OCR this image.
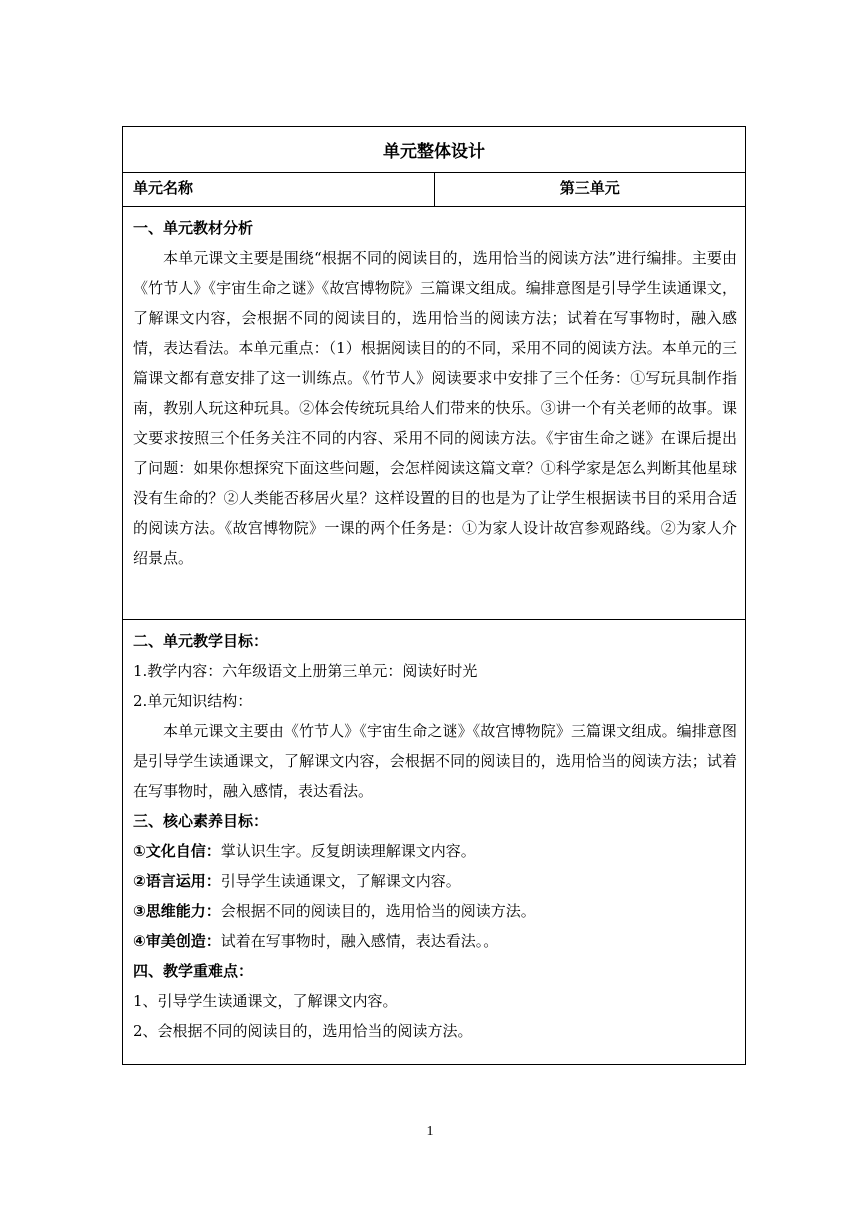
单元整体设计
单元名称	第三单元

一、单元教材分析

本单元课文主要是围绕“根据不同的阅读目的，选用恰当的阅读方法”进行编排。主要由《竹节人》《宇宙生命之谜》《故宫博物院》三篇课文组成。编排意图是引导学生读通课文，了解课文内容，会根据不同的阅读目的，选用恰当的阅读方法；试着在写事物时，融入感情，表达看法。本单元重点：（1）根据阅读目的的不同，采用不同的阅读方法。本单元的三篇课文都有意安排了这一训练点。《竹节人》阅读要求中安排了三个任务：①写玩具制作指南，教别人玩这种玩具。②体会传统玩具给人们带来的快乐。③讲一个有关老师的故事。课文要求按照三个任务关注不同的内容、采用不同的阅读方法。《宇宙生命之谜》在课后提出了问题：如果你想探究下面这些问题，会怎样阅读这篇文章？①科学家是怎么判断其他星球没有生命的？②人类能否移居火星？这样设置的目的也是为了让学生根据读书目的采用合适的阅读方法。《故宫博物院》一课的两个任务是：①为家人设计故宫参观路线。②为家人介绍景点。

二、单元教学目标：

1.教学内容：六年级语文上册第三单元：阅读好时光

2.单元知识结构：

本单元课文主要由《竹节人》《宇宙生命之谜》《故宫博物院》三篇课文组成。编排意图是引导学生读通课文，了解课文内容，会根据不同的阅读目的，选用恰当的阅读方法；试着在写事物时，融入感情，表达看法。

三、核心素养目标：

①文化自信：掌认识生字。反复朗读理解课文内容。

②语言运用：引导学生读通课文，了解课文内容。

③思维能力：会根据不同的阅读目的，选用恰当的阅读方法。

④审美创造：试着在写事物时，融入感情，表达看法。。

四、教学重难点：

1、引导学生读通课文，了解课文内容。

2、会根据不同的阅读目的，选用恰当的阅读方法。

1
